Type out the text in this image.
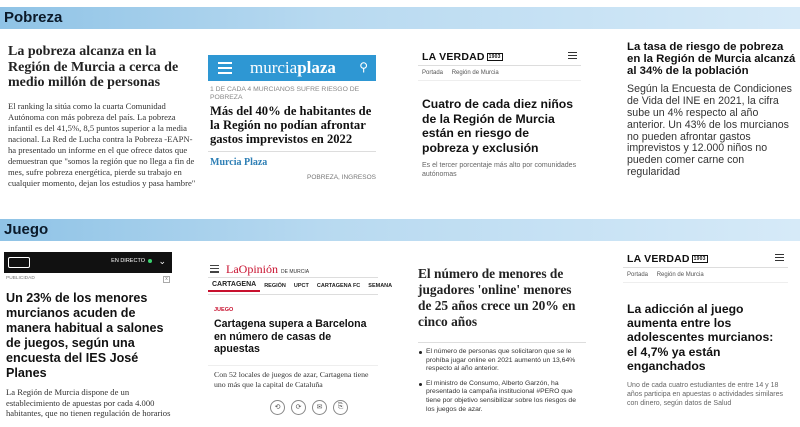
Pobreza
La pobreza alcanza en la Región de Murcia a cerca de medio millón de personas
El ranking la sitúa como la cuarta Comunidad Autónoma con más pobreza del país. La pobreza infantil es del 41,5%, 8,5 puntos superior a la media nacional. La Red de Lucha contra la Pobreza -EAPN- ha presentado un informe en el que ofrece datos que demuestran que "somos la región que no llega a fin de mes, sufre pobreza energética, pierde su trabajo en cualquier momento, dejan los estudios y pasa hambre"
murciaplaza ⚲
1 DE CADA 4 MURCIANOS SUFRE RIESGO DE POBREZA
Más del 40% de habitantes de la Región no podían afrontar gastos imprevistos en 2022
Murcia Plaza
POBREZA, INGRESOS
LA VERDAD 1903
Portada Región de Murcia
Cuatro de cada diez niños de la Región de Murcia están en riesgo de pobreza y exclusión
Es el tercer porcentaje más alto por comunidades autónomas
La tasa de riesgo de pobreza en la Región de Murcia alcanzá al 34% de la población
Según la Encuesta de Condiciones de Vida del INE en 2021, la cifra sube un 4% respecto al año anterior. Un 43% de los murcianos no pueden afrontar gastos imprevistos y 12.000 niños no pueden comer carne con regularidad
Juego
EN DIRECTO	⌄
PUBLICIDAD	x
Un 23% de los menores murcianos acuden de manera habitual a salones de juegos, según una encuesta del IES José Planes
La Región de Murcia dispone de un establecimiento de apuestas por cada 4.000 habitantes, que no tienen regulación de horarios
LaOpinión DE MURCIA
CARTAGENA	REGIÓN	UPCT	CARTAGENA FC	SEMANA
JUEGO
Cartagena supera a Barcelona en número de casas de apuestas
Con 52 locales de juegos de azar, Cartagena tiene uno más que la capital de Cataluña
⟲	⟳	✉	⎘
El número de menores de jugadores 'online' menores de 25 años crece un 20% en cinco años
El número de personas que solicitaron que se le prohíba jugar online en 2021 aumentó un 13,64% respecto al año anterior.
El ministro de Consumo, Alberto Garzón, ha presentado la campaña institucional #PERO que tiene por objetivo sensibilizar sobre los riesgos de los juegos de azar.
LA VERDAD 1903
Portada Región de Murcia
La adicción al juego aumenta entre los adolescentes murcianos: el 4,7% ya están enganchados
Uno de cada cuatro estudiantes de entre 14 y 18 años participa en apuestas o actividades similares con dinero, según datos de Salud
